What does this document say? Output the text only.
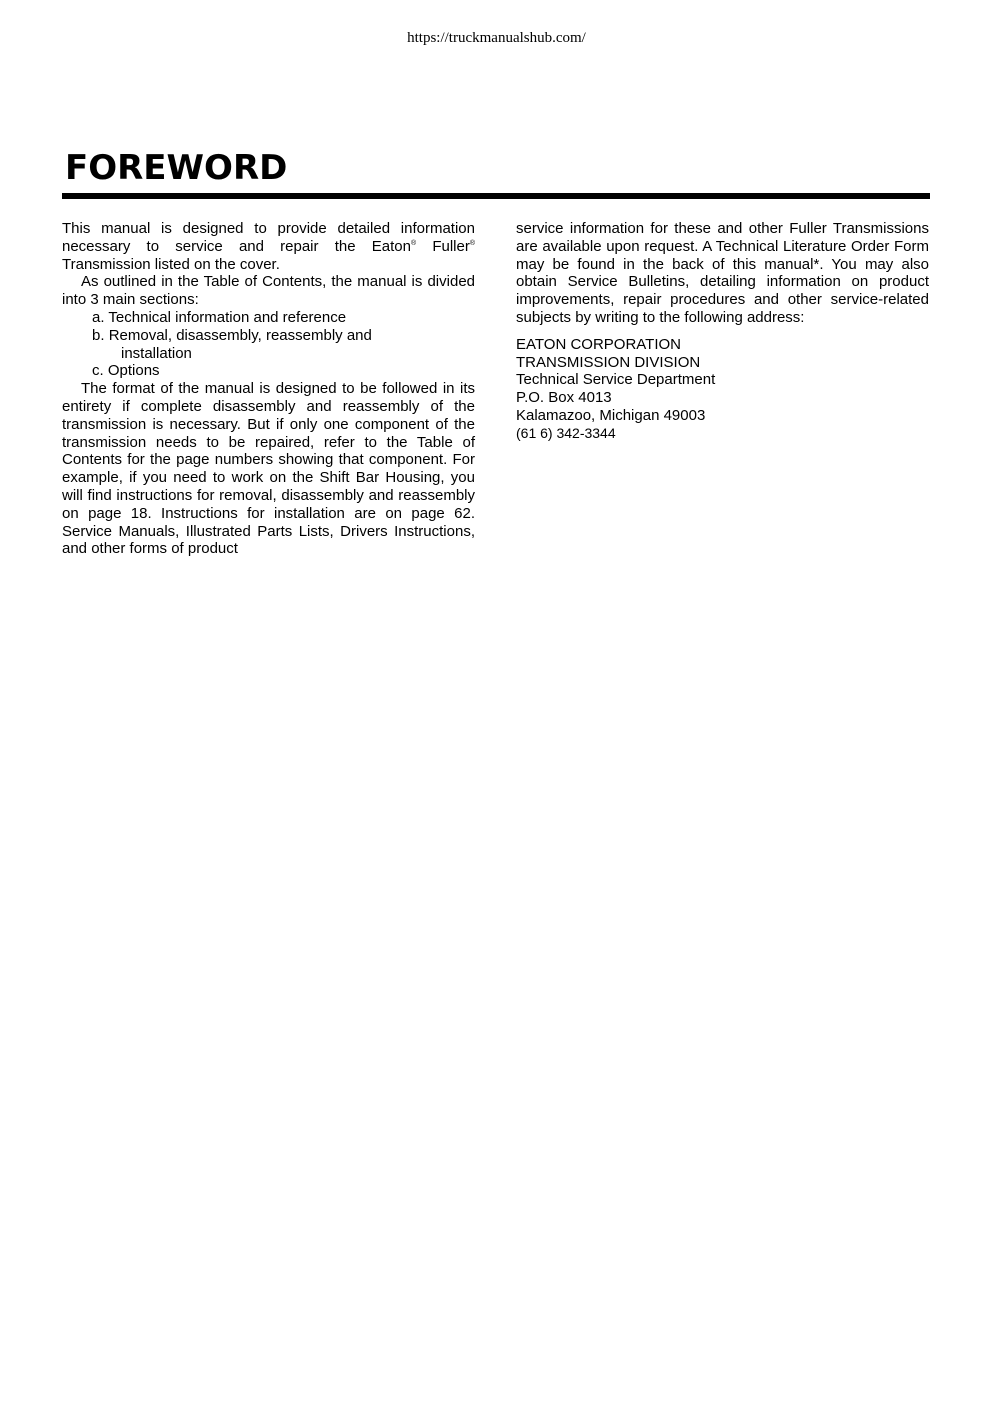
https://truckmanualshub.com/
FOREWORD

This manual is designed to provide detailed information necessary to service and repair the Eaton® Fuller® Transmission listed on the cover.

As outlined in the Table of Contents, the manual is divided into 3 main sections:

a. Technical information and reference
b. Removal, disassembly, reassembly and
installation
c. Options

The format of the manual is designed to be followed in its entirety if complete disassembly and reassembly of the transmission is necessary. But if only one component of the transmission needs to be repaired, refer to the Table of Contents for the page numbers showing that component. For example, if you need to work on the Shift Bar Housing, you will find instructions for removal, disassembly and reassembly on page 18. Instructions for installation are on page 62. Service Manuals, Illustrated Parts Lists, Drivers Instructions, and other forms of product

service information for these and other Fuller Transmissions are available upon request. A Technical Literature Order Form may be found in the back of this manual*. You may also obtain Service Bulletins, detailing information on product improvements, repair procedures and other service-related subjects by writing to the following address:

EATON CORPORATION
TRANSMISSION DIVISION
Technical Service Department
P.O. Box 4013
Kalamazoo, Michigan 49003
(61 6) 342-3344
